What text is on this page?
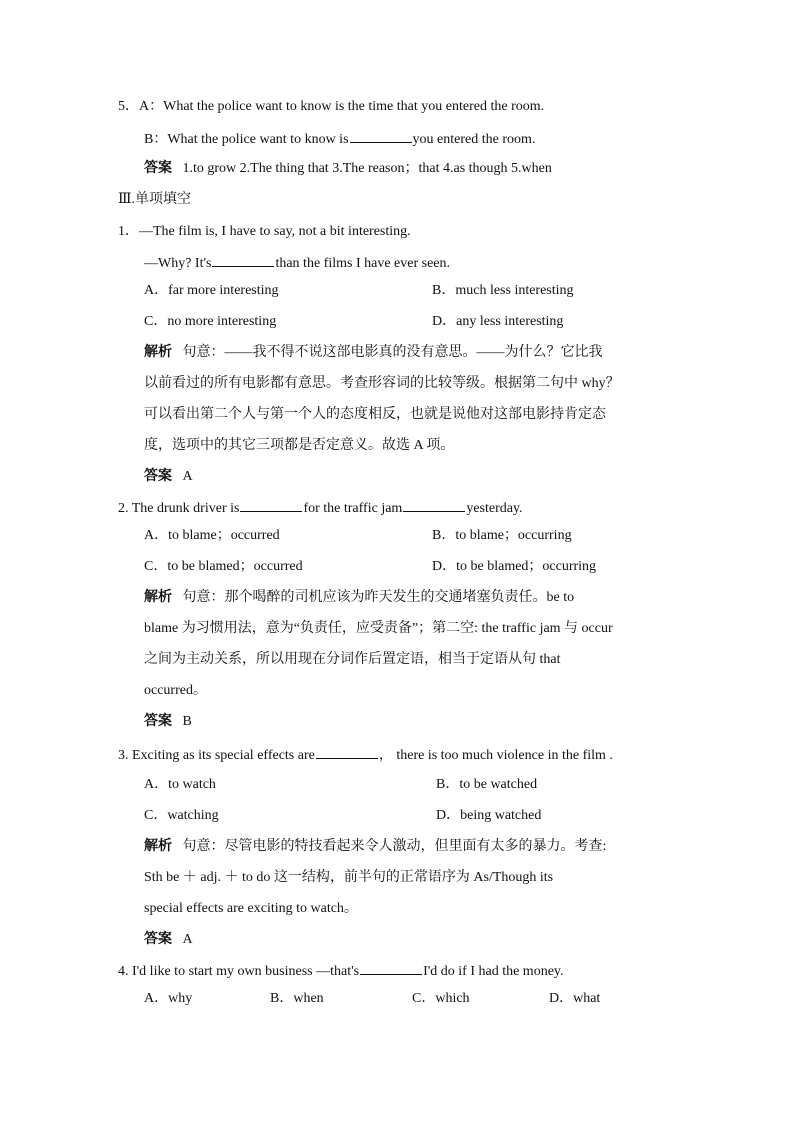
5．A：What the police want to know is the time that you entered the room.
B：What the police want to know is	you entered the room.
答案 1.to grow 2.The thing that 3.The reason；that 4.as though 5.when
Ⅲ.单项填空
1．—The film is, I have to say, not a bit interesting.
—Why? It's	than the films I have ever seen.
A．far more interesting	B．much less interesting
C．no more interesting	D．any less interesting
解析 句意：——我不得不说这部电影真的没有意思。——为什么？它比我
以前看过的所有电影都有意思。考查形容词的比较等级。根据第二句中 why？
可以看出第二个人与第一个人的态度相反，也就是说他对这部电影持肯定态
度，选项中的其它三项都是否定意义。故选 A 项。
答案 A
2. The drunk driver is	for the traffic jam	yesterday.
A．to blame；occurred	B．to blame；occurring
C．to be blamed；occurred	D．to be blamed；occurring
解析 句意：那个喝醉的司机应该为昨天发生的交通堵塞负责任。be to
blame 为习惯用法，意为“负责任，应受责备”；第二空: the traffic jam 与 occur
之间为主动关系，所以用现在分词作后置定语，相当于定语从句 that
occurred。
答案 B
3. Exciting as its special effects are	， there is too much violence in the film .
A．to watch	B．to be watched
C．watching	D．being watched
解析 句意：尽管电影的特技看起来令人激动，但里面有太多的暴力。考查:
Sth be ＋ adj. ＋ to do 这一结构，前半句的正常语序为 As/Though its
special effects are exciting to watch。
答案 A
4. I'd like to start my own business —that's	I'd do if I had the money.
A．why	B．when	C．which	D．what
